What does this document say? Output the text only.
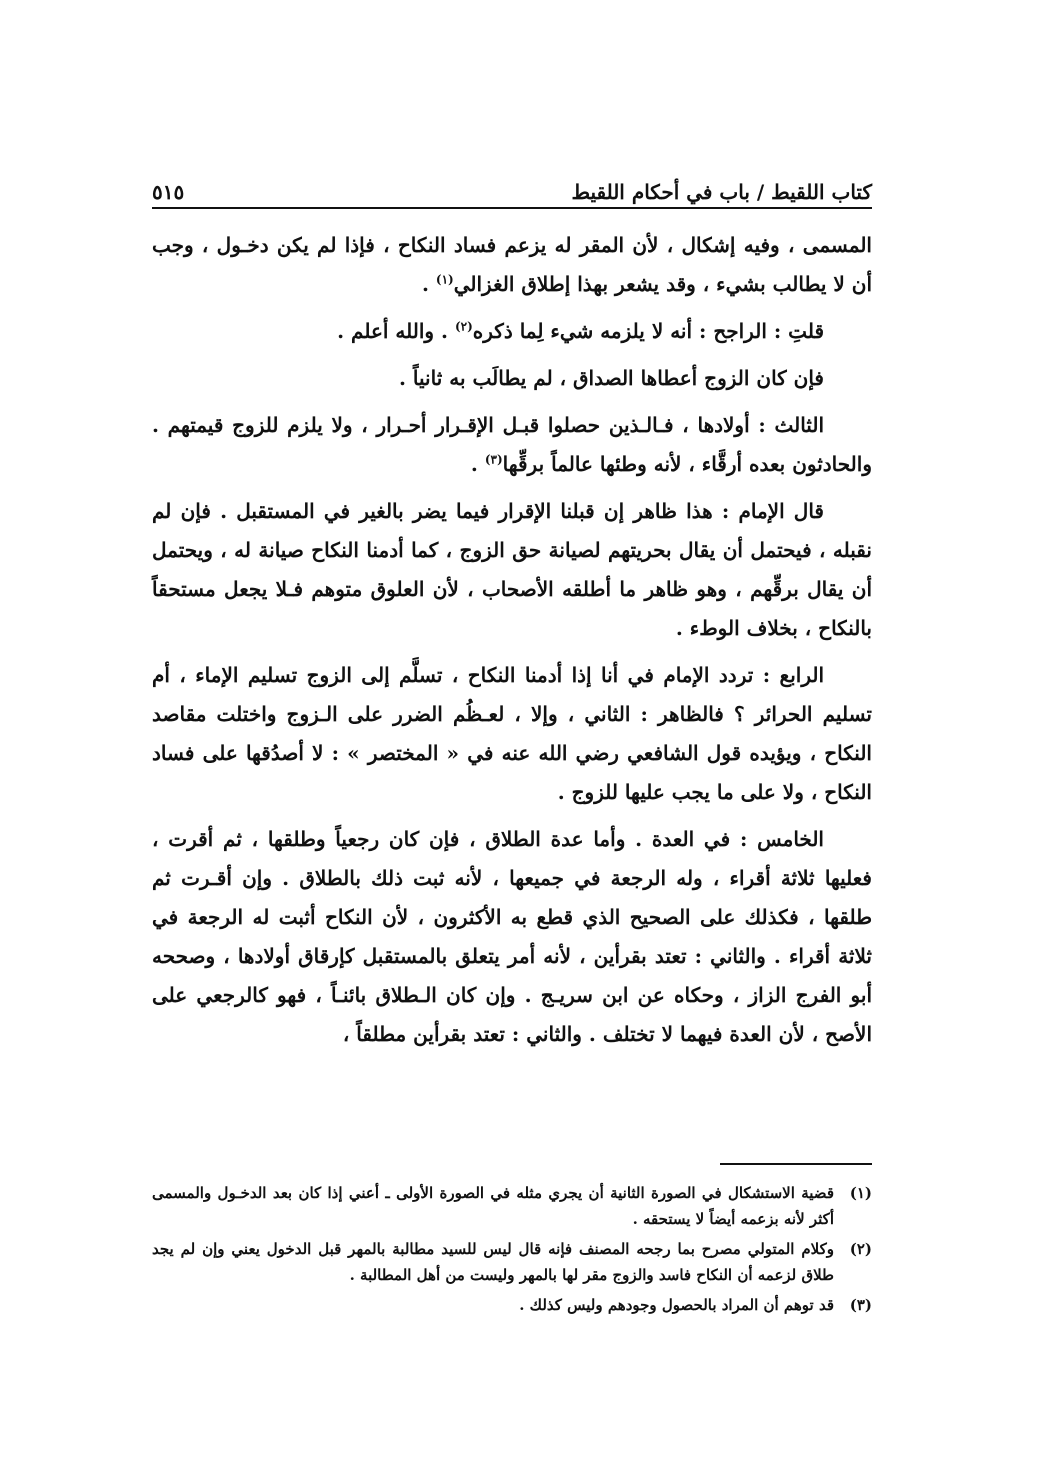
كتاب اللقيط / باب في أحكام اللقيط
٥١٥

المسمى ، وفيه إشكال ، لأن المقر له يزعم فساد النكاح ، فإذا لم يكن دخـول ، وجب أن لا يطالب بشيء ، وقد يشعر بهذا إطلاق الغزالي$^{(١)}$ .

قلتِ : الراجح : أنه لا يلزمه شيء لِما ذكره$^{(٢)}$ . والله أعلم .

فإن كان الزوج أعطاها الصداق ، لم يطالَب به ثانياً .

الثالث : أولادها ، فـالـذين حصلوا قبـل الإقـرار أحـرار ، ولا يلزم للزوج قيمتهم . والحادثون بعده أرقَّاء ، لأنه وطئها عالماً برقِّها$^{(٣)}$ .

قال الإمام : هذا ظاهر إن قبلنا الإقرار فيما يضر بالغير في المستقبل . فإن لم نقبله ، فيحتمل أن يقال بحريتهم لصيانة حق الزوج ، كما أدمنا النكاح صيانة له ، ويحتمل أن يقال برقِّهم ، وهو ظاهر ما أطلقه الأصحاب ، لأن العلوق متوهم فـلا يجعل مستحقاً بالنكاح ، بخلاف الوطء .

الرابع : تردد الإمام في أنا إذا أدمنا النكاح ، تسلَّم إلى الزوج تسليم الإماء ، أم تسليم الحرائر ؟ فالظاهر : الثاني ، وإلا ، لعـظُم الضرر على الـزوج واختلت مقاصد النكاح ، ويؤيده قول الشافعي رضي الله عنه في « المختصر » : لا أصدُقها على فساد النكاح ، ولا على ما يجب عليها للزوج .

الخامس : في العدة . وأما عدة الطلاق ، فإن كان رجعياً وطلقها ، ثم أقرت ، فعليها ثلاثة أقراء ، وله الرجعة في جميعها ، لأنه ثبت ذلك بالطلاق . وإن أقـرت ثم طلقها ، فكذلك على الصحيح الذي قطع به الأكثرون ، لأن النكاح أثبت له الرجعة في ثلاثة أقراء . والثاني : تعتد بقرأين ، لأنه أمر يتعلق بالمستقبل كإرقاق أولادها ، وصححه أبو الفرج الزاز ، وحكاه عن ابن سريـج . وإن كان الـطلاق بائنـاً ، فهو كالرجعي على الأصح ، لأن العدة فيهما لا تختلف . والثاني : تعتد بقرأين مطلقاً ،

(١)
قضية الاستشكال في الصورة الثانية أن يجري مثله في الصورة الأولى ـ أعني إذا كان بعد الدخـول والمسمى أكثر لأنه بزعمه أيضاً لا يستحقه .
(٢)
وكلام المتولي مصرح بما رجحه المصنف فإنه قال ليس للسيد مطالبة بالمهر قبل الدخول يعني وإن لم يجد طلاق لزعمه أن النكاح فاسد والزوج مقر لها بالمهر وليست من أهل المطالبة .
(٣)
قد توهم أن المراد بالحصول وجودهم وليس كذلك .
